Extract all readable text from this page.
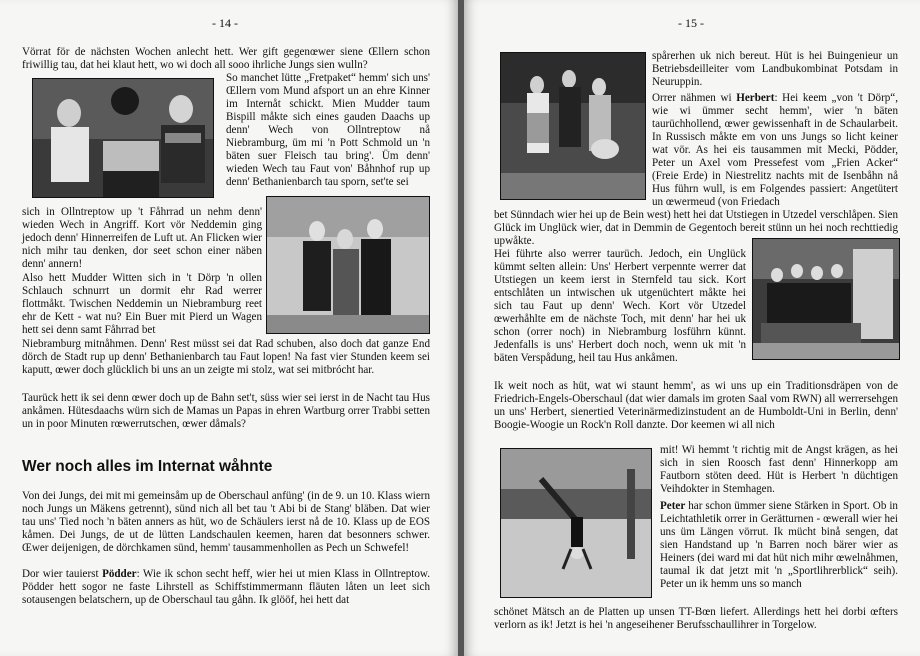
- 14 -
Vörrat för de nächsten Wochen anlecht hett. Wer gift gegenœwer siene Œllern schon friwillig tau, dat hei klaut hett, wo wi doch all sooo ihrliche Jungs sien wulln?
So manchet lütte „Fretpaket“ hemm' sich uns' Œllern vom Mund afsport un an ehre Kinner im Internåt schickt. Mien Mudder taum Bispill måkte sich eines gauden Daachs up denn' Wech von Ollntreptow nå Niebramburg, üm mi 'n Pott Schmold un 'n bäten suer Fleisch tau bring'. Üm denn' wieden Wech tau Faut von' Båhnhof rup up denn' Bethanienbarch tau sporn, set'te sei
sich in Ollntreptow up 't Fåhrrad un nehm denn' wieden Wech in Angriff. Kort vör Neddemin ging jedoch denn' Hinnerreifen de Luft ut. An Flicken wier nich mihr tau denken, dor seet schon einer näben denn' annern!
Also hett Mudder Witten sich in 't Dörp 'n ollen Schlauch schnurrt un dormit ehr Rad werrer flottmåkt. Twischen Neddemin un Niebramburg reet ehr de Kett - wat nu? Ein Buer mit Pierd un Wagen hett sei denn samt Fåhrrad bet
Niebramburg mitnåhmen. Denn' Rest müsst sei dat Rad schuben, also doch dat ganze End dörch de Stadt rup up denn' Bethanienbarch tau Faut lopen! Na fast vier Stunden keem sei kaputt, œwer doch glücklich bi uns an un zeigte mi stolz, wat sei mitbrócht har.
Taurück hett ik sei denn œwer doch up de Bahn set't, süss wier sei ierst in de Nacht tau Hus ankåmen. Hütesdaachs würn sich de Mamas un Papas in ehren Wartburg orrer Trabbi setten un in poor Minuten rœwerrutschen, œwer dåmals?
Wer noch alles im Internat wåhnte
Von dei Jungs, dei mit mi gemeinsåm up de Oberschaul anfüng' (in de 9. un 10. Klass wiern noch Jungs un Mäkens getrennt), sünd nich all bet tau 't Abi bi de Stang' bläben. Dat wier tau uns' Tied noch 'n bäten anners as hüt, wo de Schäulers ierst nå de 10. Klass up de EOS kåmen. Dei Jungs, de ut de lütten Landschaulen keemen, haren dat besonners schwer. Œwer deijenigen, de dörchkamen sünd, hemm' tausammenhollen as Pech un Schwefel!
Dor wier tauierst Pödder: Wie ik schon secht heff, wier hei ut mien Klass in Ollntreptow. Pödder hett sogor ne faste Lihrstell as Schiffstimmermann fläuten låten un leet sich sotausengen belatschern, up de Oberschaul tau gåhn. Ik glööf, hei hett dat
- 15 -
spårerhen uk nich bereut. Hüt is hei Buingenieur un Betriebsdeilleiter vom Landbukombinat Potsdam in Neuruppin.
Orrer nähmen wi Herbert: Hei keem „von 't Dörp“, wie wi ümmer secht hemm', wier 'n bäten taurüchhollend, œwer gewissenhaft in de Schaularbeit. In Russisch måkte em von uns Jungs so licht keiner wat vör. As hei eis tausammen mit Mecki, Pödder, Peter un Axel vom Pressefest vom „Frien Acker“ (Freie Erde) in Niestrelitz nachts mit de Isenbåhn nå Hus führn wull, is em Folgendes passiert: Angetütert un œwermeud (von Friedach
bet Sünndach wier hei up de Bein west) hett hei dat Utstiegen in Utzedel verschlåpen. Sien Glück im Unglück wier, dat in Demmin de Gegentoch bereit stünn un hei noch rechttiedig upwåkte.
Hei führte also werrer taurüch. Jedoch, ein Unglück kümmt selten allein: Uns' Herbert verpennte werrer dat Utstiegen un keem ierst in Sternfeld tau sick. Kort entschlåten un intwischen uk utgenüchtert måkte hei sich tau Faut up denn' Wech. Kort vör Utzedel œwerhåhlte em de nächste Toch, mit denn' har hei uk schon (orrer noch) in Niebramburg losführn künnt. Jedenfalls is uns' Herbert doch noch, wenn uk mit 'n bäten Verspådung, heil tau Hus ankåmen.
Ik weit noch as hüt, wat wi staunt hemm', as wi uns up ein Traditionsdräpen von de Friedrich-Engels-Oberschaul (dat wier damals im groten Saal vom RWN) all werrersehgen un uns' Herbert, sienertied Veterinärmedizinstudent an de Humboldt-Uni in Berlin, denn' Boogie-Woogie un Rock'n Roll danzte. Dor keemen wi all nich
mit! Wi hemmt 't richtig mit de Angst krägen, as hei sich in sien Roosch fast denn' Hinnerkopp am Fautborn stöten deed. Hüt is Herbert 'n düchtigen Veihdokter in Stemhagen.
Peter har schon ümmer siene Stärken in Sport. Ob in Leichtathletik orrer in Gerätturnen - œwerall wier hei uns üm Längen vörrut. Ik mücht binå sengen, dat sien Handstand up 'n Barren noch bärer wier as Heiners (dei ward mi dat hüt nich mihr œwelnåhmen, taumal ik dat jetzt mit 'n „Sportlihrerblick“ seih). Peter un ik hemm uns so manch
schönet Mätsch an de Platten up unsen TT-Bœn liefert. Allerdings hett hei dorbi œfters verlorn as ik! Jetzt is hei 'n angeseihener Berufsschaullihrer in Torgelow.
